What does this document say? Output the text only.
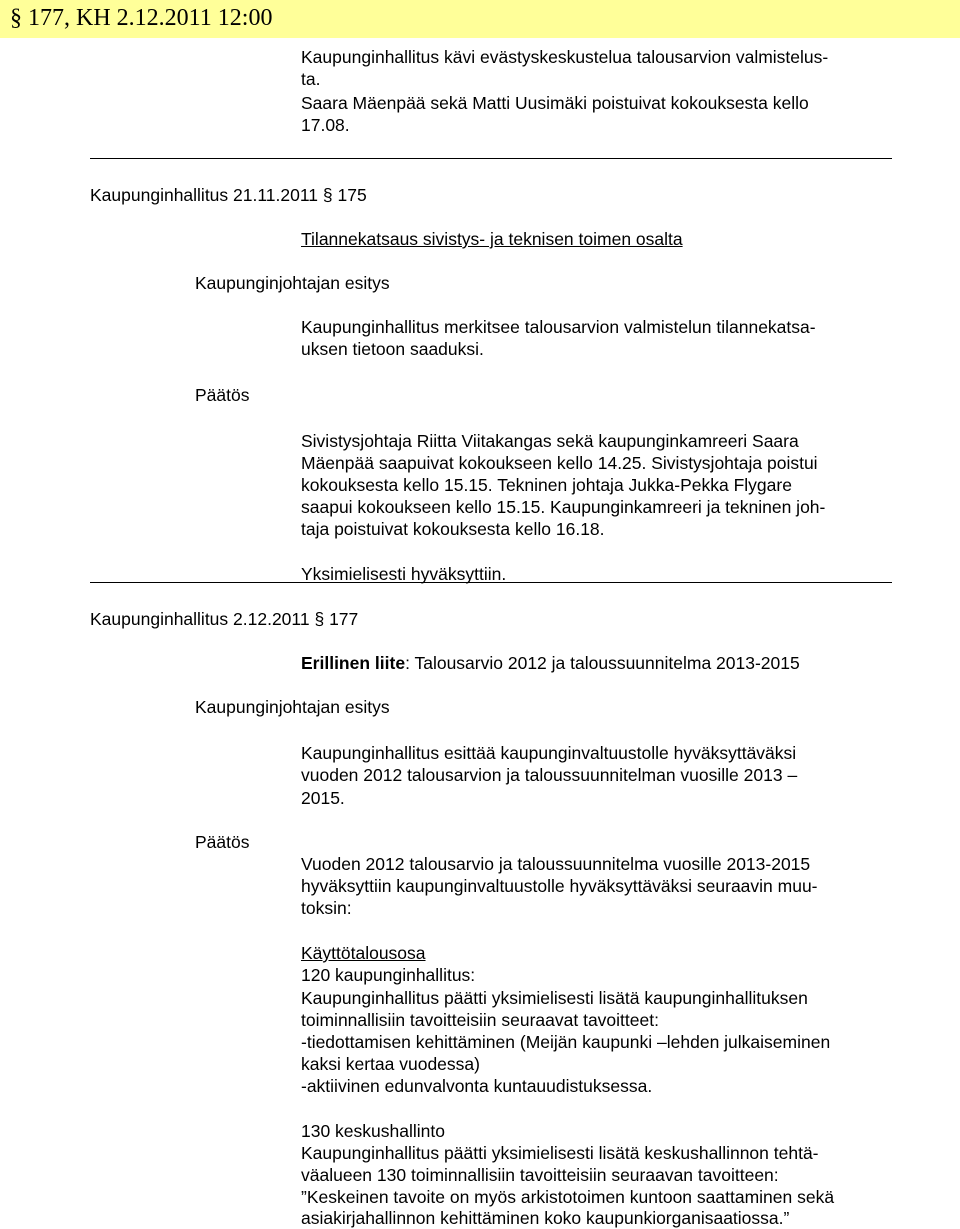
§ 177, KH 2.12.2011 12:00
Kaupunginhallitus kävi evästyskeskustelua talousarvion valmistelus-
ta.
Saara Mäenpää sekä Matti Uusimäki poistuivat kokouksesta kello
17.08.
Kaupunginhallitus 21.11.2011 § 175
Tilannekatsaus sivistys- ja teknisen toimen osalta
Kaupunginjohtajan esitys
Kaupunginhallitus merkitsee talousarvion valmistelun tilannekatsa-
uksen tietoon saaduksi.
Päätös
Sivistysjohtaja Riitta Viitakangas sekä kaupunginkamreeri Saara
Mäenpää saapuivat kokoukseen kello 14.25. Sivistysjohtaja poistui
kokouksesta kello 15.15. Tekninen johtaja Jukka-Pekka Flygare
saapui kokoukseen kello 15.15. Kaupunginkamreeri ja tekninen joh-
taja poistuivat kokouksesta kello 16.18.
Yksimielisesti hyväksyttiin.
Kaupunginhallitus 2.12.2011 § 177
Erillinen liite: Talousarvio 2012 ja taloussuunnitelma 2013-2015
Kaupunginjohtajan esitys
Kaupunginhallitus esittää kaupunginvaltuustolle hyväksyttäväksi
vuoden 2012 talousarvion ja taloussuunnitelman vuosille 2013 –
2015.
Päätös
Vuoden 2012 talousarvio ja taloussuunnitelma vuosille 2013-2015
hyväksyttiin kaupunginvaltuustolle hyväksyttäväksi seuraavin muu-
toksin:
Käyttötalousosa
120 kaupunginhallitus:
Kaupunginhallitus päätti yksimielisesti lisätä kaupunginhallituksen
toiminnallisiin tavoitteisiin seuraavat tavoitteet:
-tiedottamisen kehittäminen (Meijän kaupunki –lehden julkaiseminen
kaksi kertaa vuodessa)
-aktiivinen edunvalvonta kuntauudistuksessa.
130 keskushallinto
Kaupunginhallitus päätti yksimielisesti lisätä keskushallinnon tehtä-
väalueen 130 toiminnallisiin tavoitteisiin seuraavan tavoitteen:
”Keskeinen tavoite on myös arkistotoimen kuntoon saattaminen sekä
asiakirjahallinnon kehittäminen koko kaupunkiorganisaatiossa.”
